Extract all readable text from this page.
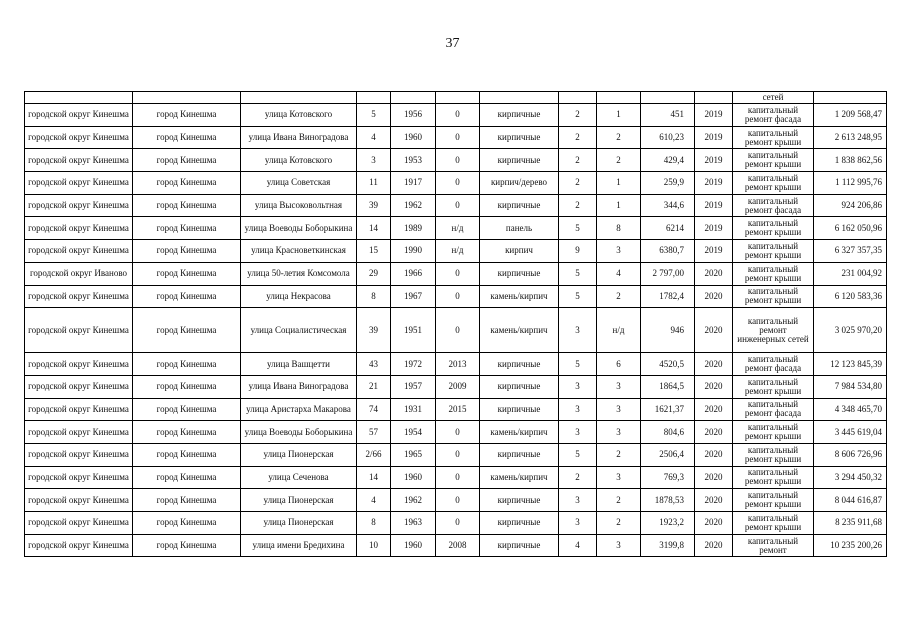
37
											сетей	
городской округ Кинешма	город Кинешма	улица Котовского	5	1956	0	кирпичные	2	1	451	2019	капитальный ремонт фасада	1 209 568,47
городской округ Кинешма	город Кинешма	улица Ивана Виноградова	4	1960	0	кирпичные	2	2	610,23	2019	капитальный ремонт крыши	2 613 248,95
городской округ Кинешма	город Кинешма	улица Котовского	3	1953	0	кирпичные	2	2	429,4	2019	капитальный ремонт крыши	1 838 862,56
городской округ Кинешма	город Кинешма	улица Советская	11	1917	0	кирпич/дерево	2	1	259,9	2019	капитальный ремонт крыши	1 112 995,76
городской округ Кинешма	город Кинешма	улица Высоковольтная	39	1962	0	кирпичные	2	1	344,6	2019	капитальный ремонт фасада	924 206,86
городской округ Кинешма	город Кинешма	улица Воеводы Боборыкина	14	1989	н/д	панель	5	8	6214	2019	капитальный ремонт крыши	6 162 050,96
городской округ Кинешма	город Кинешма	улица Красноветкинская	15	1990	н/д	кирпич	9	3	6380,7	2019	капитальный ремонт крыши	6 327 357,35
городской округ Иваново	город Кинешма	улица 50-летия Комсомола	29	1966	0	кирпичные	5	4	2 797,00	2020	капитальный ремонт крыши	231 004,92
городской округ Кинешма	город Кинешма	улица Некрасова	8	1967	0	камень/кирпич	5	2	1782,4	2020	капитальный ремонт крыши	6 120 583,36
городской округ Кинешма	город Кинешма	улица Социалистическая	39	1951	0	камень/кирпич	3	н/д	946	2020	капитальный ремонт инженерных сетей	3 025 970,20
городской округ Кинешма	город Кинешма	улица Вашцетти	43	1972	2013	кирпичные	5	6	4520,5	2020	капитальный ремонт фасада	12 123 845,39
городской округ Кинешма	город Кинешма	улица Ивана Виноградова	21	1957	2009	кирпичные	3	3	1864,5	2020	капитальный ремонт крыши	7 984 534,80
городской округ Кинешма	город Кинешма	улица Аристарха Макарова	74	1931	2015	кирпичные	3	3	1621,37	2020	капитальный ремонт фасада	4 348 465,70
городской округ Кинешма	город Кинешма	улица Воеводы Боборыкина	57	1954	0	камень/кирпич	3	3	804,6	2020	капитальный ремонт крыши	3 445 619,04
городской округ Кинешма	город Кинешма	улица Пионерская	2/66	1965	0	кирпичные	5	2	2506,4	2020	капитальный ремонт крыши	8 606 726,96
городской округ Кинешма	город Кинешма	улица Сеченова	14	1960	0	камень/кирпич	2	3	769,3	2020	капитальный ремонт крыши	3 294 450,32
городской округ Кинешма	город Кинешма	улица Пионерская	4	1962	0	кирпичные	3	2	1878,53	2020	капитальный ремонт крыши	8 044 616,87
городской округ Кинешма	город Кинешма	улица Пионерская	8	1963	0	кирпичные	3	2	1923,2	2020	капитальный ремонт крыши	8 235 911,68
городской округ Кинешма	город Кинешма	улица имени Бредихина	10	1960	2008	кирпичные	4	3	3199,8	2020	капитальный ремонт	10 235 200,26
